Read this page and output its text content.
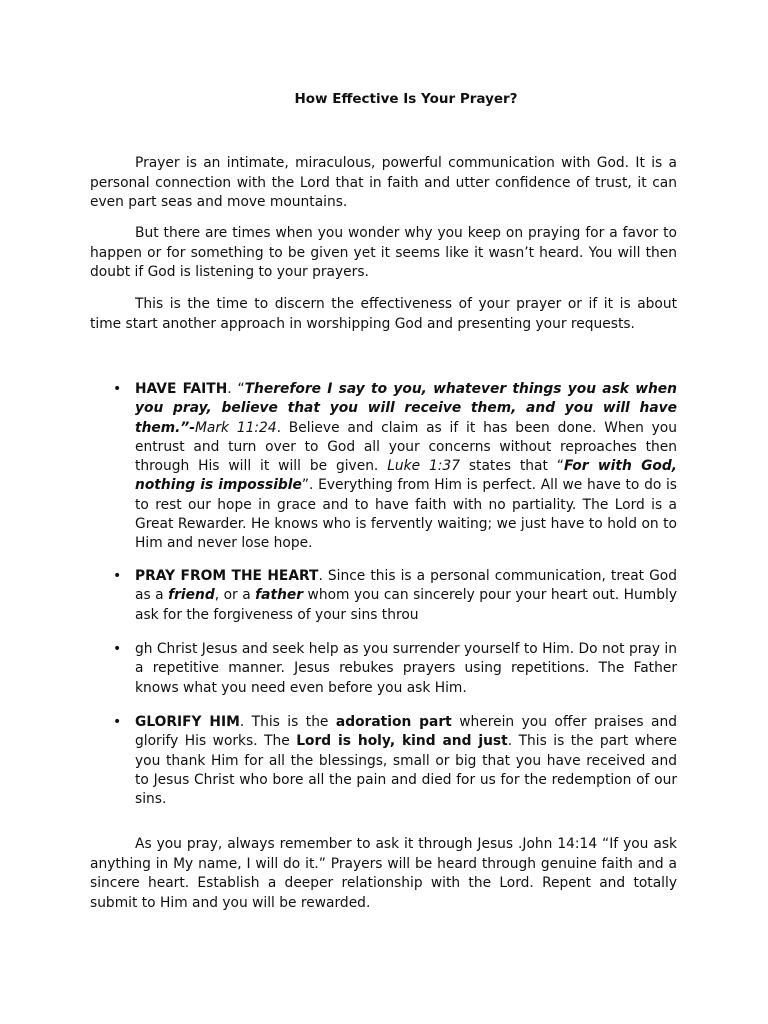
How Effective Is Your Prayer?

Prayer is an intimate, miraculous, powerful communication with God. It is a personal connection with the Lord that in faith and utter confidence of trust, it can even part seas and move mountains.

But there are times when you wonder why you keep on praying for a favor to happen or for something to be given yet it seems like it wasn’t heard. You will then doubt if God is listening to your prayers.

This is the time to discern the effectiveness of your prayer or if it is about time start another approach in worshipping God and presenting your requests.

• HAVE FAITH. “Therefore I say to you, whatever things you ask when you pray, believe that you will receive them, and you will have them.”-Mark 11:24. Believe and claim as if it has been done. When you entrust and turn over to God all your concerns without reproaches then through His will it will be given. Luke 1:37 states that “For with God, nothing is impossible”. Everything from Him is perfect. All we have to do is to rest our hope in grace and to have faith with no partiality. The Lord is a Great Rewarder. He knows who is fervently waiting; we just have to hold on to Him and never lose hope.
• PRAY FROM THE HEART. Since this is a personal communication, treat God as a friend, or a father whom you can sincerely pour your heart out. Humbly ask for the forgiveness of your sins throu
• gh Christ Jesus and seek help as you surrender yourself to Him. Do not pray in a repetitive manner. Jesus rebukes prayers using repetitions. The Father knows what you need even before you ask Him.
• GLORIFY HIM. This is the adoration part wherein you offer praises and glorify His works. The Lord is holy, kind and just. This is the part where you thank Him for all the blessings, small or big that you have received and to Jesus Christ who bore all the pain and died for us for the redemption of our sins.

As you pray, always remember to ask it through Jesus .John 14:14 “If you ask anything in My name, I will do it.” Prayers will be heard through genuine faith and a sincere heart. Establish a deeper relationship with the Lord. Repent and totally submit to Him and you will be rewarded.
